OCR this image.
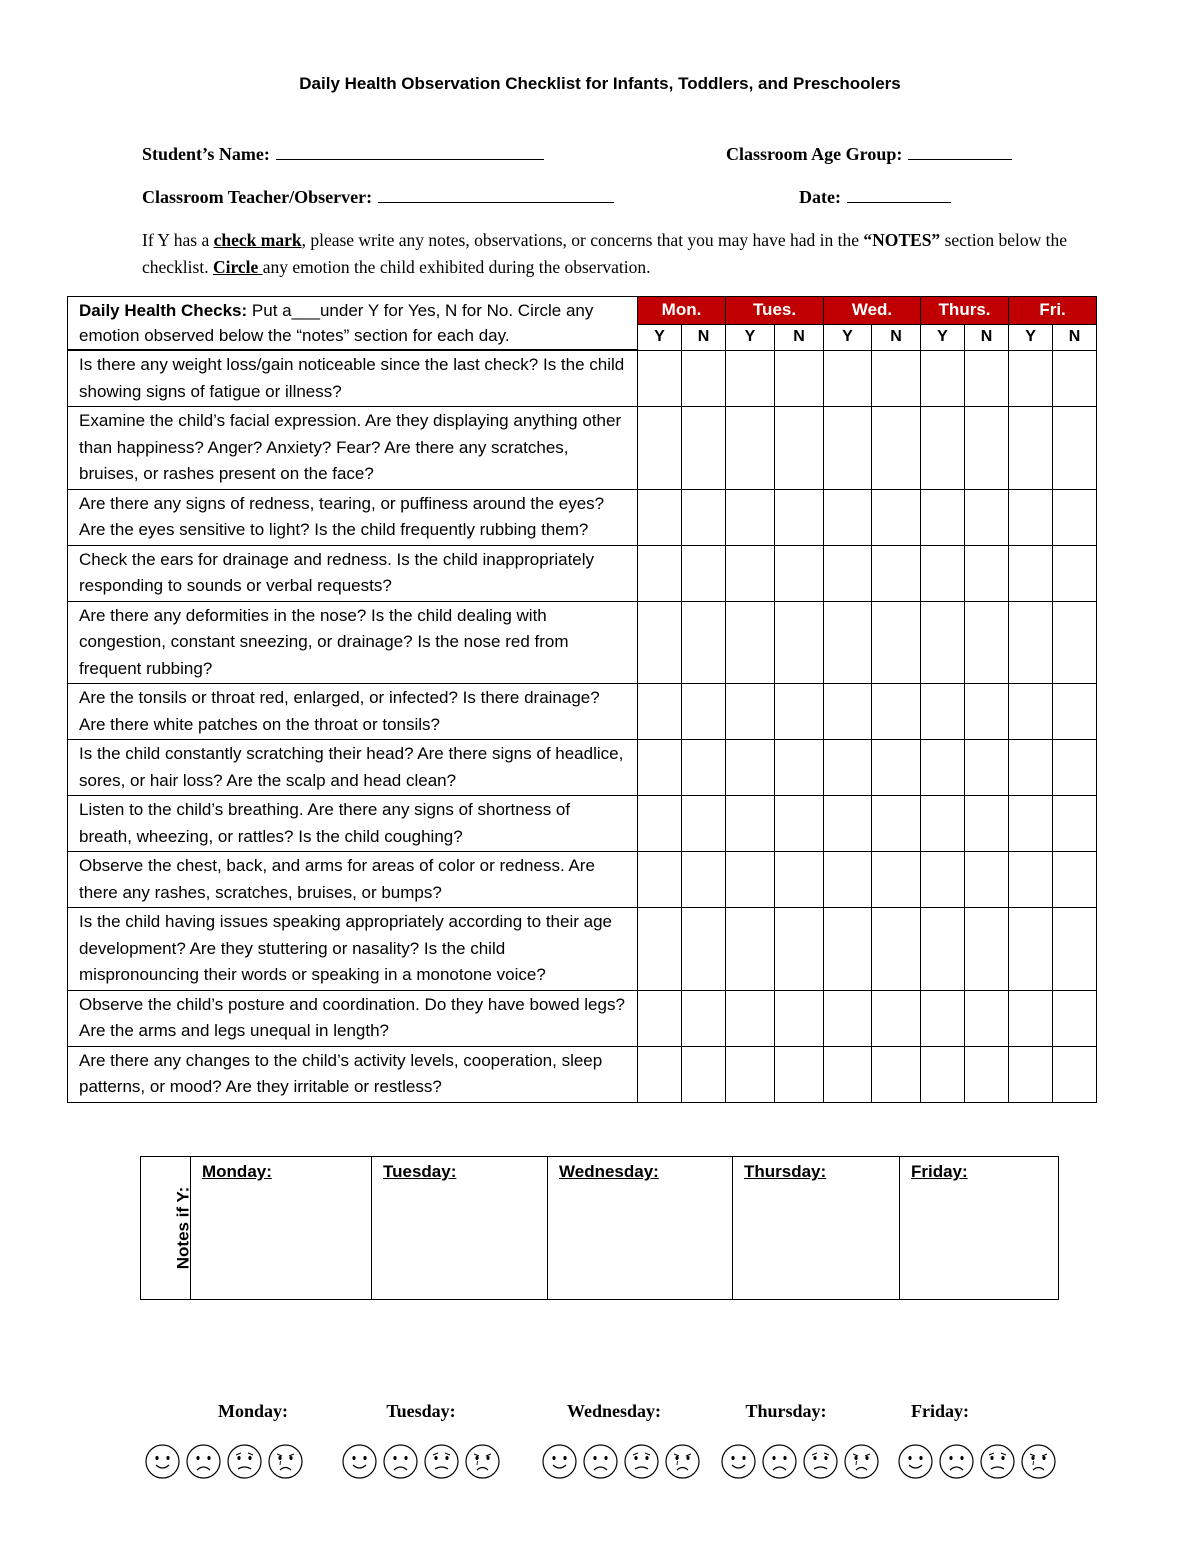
Daily Health Observation Checklist for Infants, Toddlers, and Preschoolers
Student’s Name:	Classroom Age Group:
Classroom Teacher/Observer:	Date:
If Y has a check mark, please write any notes, observations, or concerns that you may have had in the “NOTES” section below the checklist. Circle any emotion the child exhibited during the observation.
Daily Health Checks: Put a___under Y for Yes, N for No. Circle any emotion observed below the “notes” section for each day.	Mon.		Tues.		Wed.		Thurs.		Fri.	
	Y	N	Y	N	Y	N	Y	N	Y	N
Is there any weight loss/gain noticeable since the last check? Is the child showing signs of fatigue or illness?										
Examine the child’s facial expression. Are they displaying anything other than happiness? Anger? Anxiety? Fear? Are there any scratches, bruises, or rashes present on the face?										
Are there any signs of redness, tearing, or puffiness around the eyes? Are the eyes sensitive to light? Is the child frequently rubbing them?										
Check the ears for drainage and redness. Is the child inappropriately responding to sounds or verbal requests?										
Are there any deformities in the nose? Is the child dealing with congestion, constant sneezing, or drainage? Is the nose red from frequent rubbing?										
Are the tonsils or throat red, enlarged, or infected? Is there drainage? Are there white patches on the throat or tonsils?										
Is the child constantly scratching their head? Are there signs of headlice, sores, or hair loss? Are the scalp and head clean?										
Listen to the child’s breathing. Are there any signs of shortness of breath, wheezing, or rattles? Is the child coughing?										
Observe the chest, back, and arms for areas of color or redness. Are there any rashes, scratches, bruises, or bumps?										
Is the child having issues speaking appropriately according to their age development? Are they stuttering or nasality? Is the child mispronouncing their words or speaking in a monotone voice?										
Observe the child’s posture and coordination. Do they have bowed legs? Are the arms and legs unequal in length?										
Are there any changes to the child’s activity levels, cooperation, sleep patterns, or mood? Are they irritable or restless?										
Notes if Y:	
Monday:	Tuesday:	Wednesday:	Thursday:	Friday:
Monday:	Tuesday:	Wednesday:	Thursday:	Friday:
